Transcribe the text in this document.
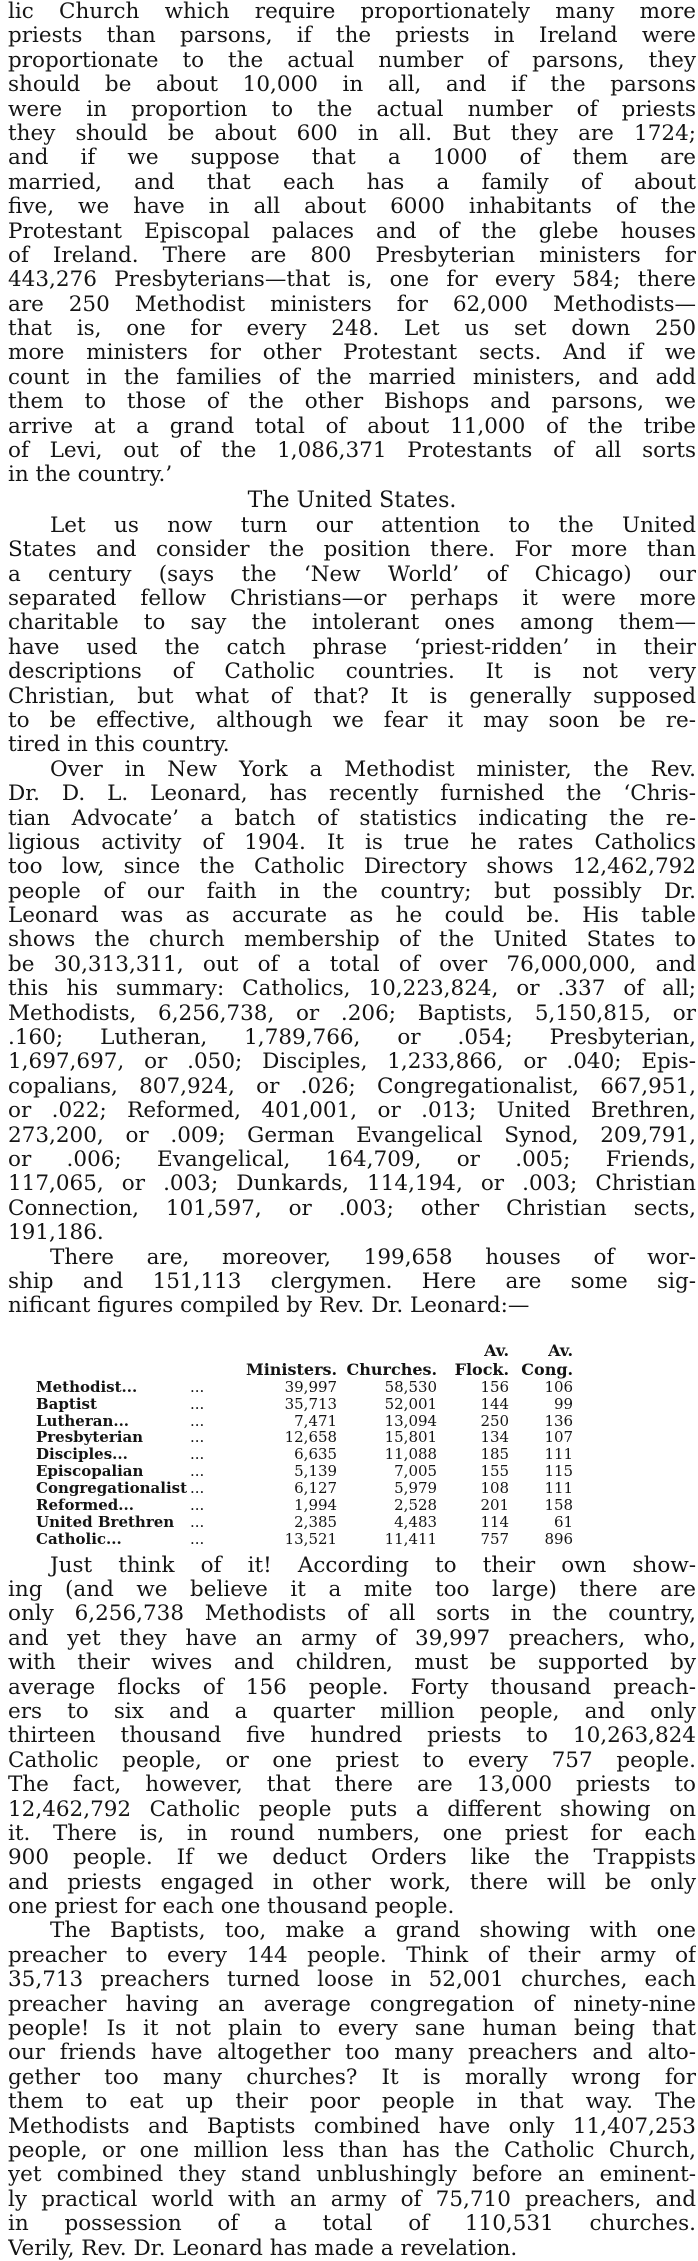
lic Church which require proportionately many more
priests than parsons, if the priests in Ireland were
proportionate to the actual number of parsons, they
should be about 10,000 in all, and if the parsons
were in proportion to the actual number of priests
they should be about 600 in all. But they are 1724;
and if we suppose that a 1000 of them are
married, and that each has a family of about
five, we have in all about 6000 inhabitants of the
Protestant Episcopal palaces and of the glebe houses
of Ireland. There are 800 Presbyterian ministers for
443,276 Presbyterians—that is, one for every 584; there
are 250 Methodist ministers for 62,000 Methodists—
that is, one for every 248. Let us set down 250
more ministers for other Protestant sects. And if we
count in the families of the married ministers, and add
them to those of the other Bishops and parsons, we
arrive at a grand total of about 11,000 of the tribe
of Levi, out of the 1,086,371 Protestants of all sorts
in the country.’
The United States.
Let us now turn our attention to the United
States and consider the position there. For more than
a century (says the ‘New World’ of Chicago) our
separated fellow Christians—or perhaps it were more
charitable to say the intolerant ones among them—
have used the catch phrase ‘priest-ridden’ in their
descriptions of Catholic countries. It is not very
Christian, but what of that? It is generally supposed
to be effective, although we fear it may soon be re-
tired in this country.
Over in New York a Methodist minister, the Rev.
Dr. D. L. Leonard, has recently furnished the ‘Chris-
tian Advocate’ a batch of statistics indicating the re-
ligious activity of 1904. It is true he rates Catholics
too low, since the Catholic Directory shows 12,462,792
people of our faith in the country; but possibly Dr.
Leonard was as accurate as he could be. His table
shows the church membership of the United States to
be 30,313,311, out of a total of over 76,000,000, and
this his summary: Catholics, 10,223,824, or .337 of all;
Methodists, 6,256,738, or .206; Baptists, 5,150,815, or
.160; Lutheran, 1,789,766, or .054; Presbyterian,
1,697,697, or .050; Disciples, 1,233,866, or .040; Epis-
copalians, 807,924, or .026; Congregationalist, 667,951,
or .022; Reformed, 401,001, or .013; United Brethren,
273,200, or .009; German Evangelical Synod, 209,791,
or .006; Evangelical, 164,709, or .005; Friends,
117,065, or .003; Dunkards, 114,194, or .003; Christian
Connection, 101,597, or .003; other Christian sects,
191,186.
There are, moreover, 199,658 houses of wor-
ship and 151,113 clergymen. Here are some sig-
nificant figures compiled by Rev. Dr. Leonard:—
				Av.	Av.
		Ministers.	Churches.	Flock.	Cong.
Methodist...	...	39,997	58,530	156	106
Baptist	...	35,713	52,001	144	99
Lutheran...	...	7,471	13,094	250	136
Presbyterian	...	12,658	15,801	134	107
Disciples...	...	6,635	11,088	185	111
Episcopalian	...	5,139	7,005	155	115
Congregationalist	...	6,127	5,979	108	111
Reformed...	...	1,994	2,528	201	158
United Brethren	...	2,385	4,483	114	61
Catholic...	...	13,521	11,411	757	896
Just think of it! According to their own show-
ing (and we believe it a mite too large) there are
only 6,256,738 Methodists of all sorts in the country,
and yet they have an army of 39,997 preachers, who,
with their wives and children, must be supported by
average flocks of 156 people. Forty thousand preach-
ers to six and a quarter million people, and only
thirteen thousand five hundred priests to 10,263,824
Catholic people, or one priest to every 757 people.
The fact, however, that there are 13,000 priests to
12,462,792 Catholic people puts a different showing on
it. There is, in round numbers, one priest for each
900 people. If we deduct Orders like the Trappists
and priests engaged in other work, there will be only
one priest for each one thousand people.
The Baptists, too, make a grand showing with one
preacher to every 144 people. Think of their army of
35,713 preachers turned loose in 52,001 churches, each
preacher having an average congregation of ninety-nine
people! Is it not plain to every sane human being that
our friends have altogether too many preachers and alto-
gether too many churches? It is morally wrong for
them to eat up their poor people in that way. The
Methodists and Baptists combined have only 11,407,253
people, or one million less than has the Catholic Church,
yet combined they stand unblushingly before an eminent-
ly practical world with an army of 75,710 preachers, and
in possession of a total of 110,531 churches.
Verily, Rev. Dr. Leonard has made a revelation.
